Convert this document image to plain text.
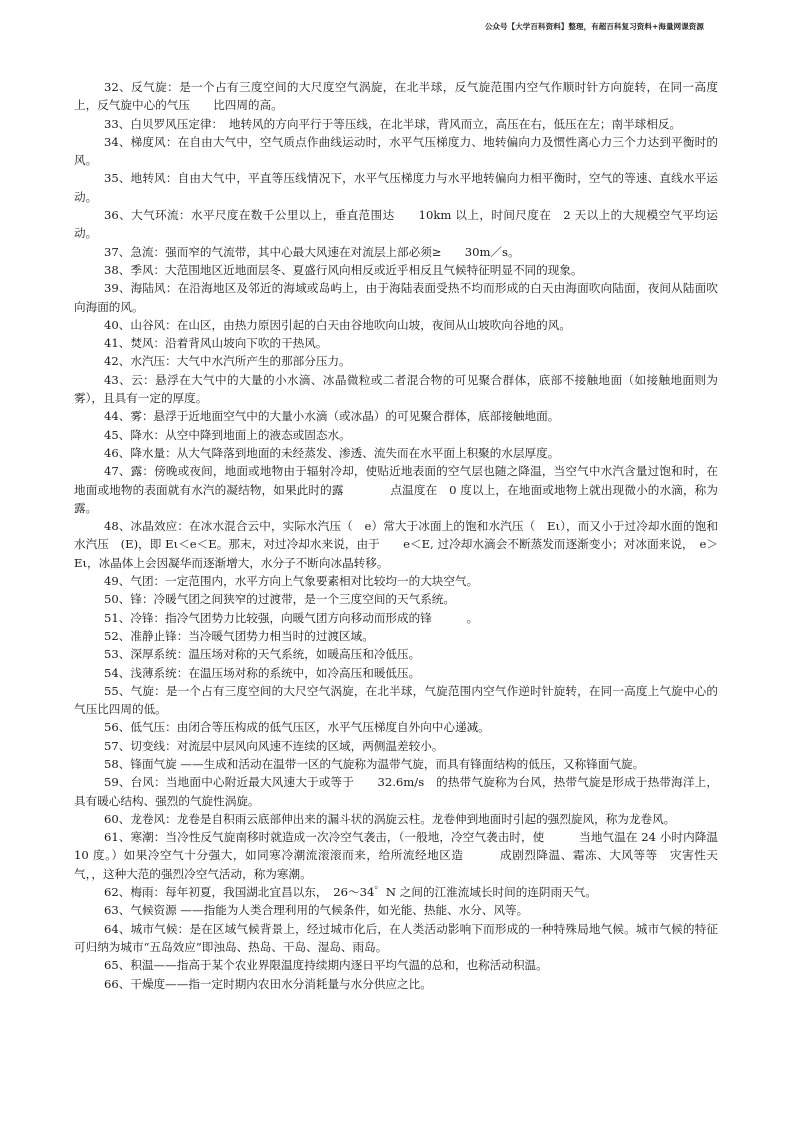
公众号【大学百科资料】整理，有超百科复习资料+海量网课资源

32、反气旋：是一个占有三度空间的大尺度空气涡旋，在北半球，反气旋范围内空气作顺时针方向旋转，在同一高度上，反气旋中心的气压　　比四周的高。

33、白贝罗风压定律：　地转风的方向平行于等压线，在北半球，背风而立，高压在右，低压在左；南半球相反。

34、梯度风：在自由大气中，空气质点作曲线运动时，水平气压梯度力、地转偏向力及惯性离心力三个力达到平衡时的风。

35、地转风：自由大气中，平直等压线情况下，水平气压梯度力与水平地转偏向力相平衡时，空气的等速、直线水平运动。

36、大气环流：水平尺度在数千公里以上，垂直范围达　　10km 以上，时间尺度在　2 天以上的大规模空气平均运动。

37、急流：强而窄的气流带，其中心最大风速在对流层上部必须≥　　30m／s。

38、季风：大范围地区近地面层冬、夏盛行风向相反或近乎相反且气候特征明显不同的现象。

39、海陆风：在沿海地区及邻近的海域或岛屿上，由于海陆表面受热不均而形成的白天由海面吹向陆面，夜间从陆面吹向海面的风。

40、山谷风：在山区，由热力原因引起的白天由谷地吹向山坡，夜间从山坡吹向谷地的风。

41、焚风：沿着背风山坡向下吹的干热风。

42、水汽压：大气中水汽所产生的那部分压力。

43、云：悬浮在大气中的大量的小水滴、冰晶微粒或二者混合物的可见聚合群体，底部不接触地面（如接触地面则为雾），且具有一定的厚度。

44、雾：悬浮于近地面空气中的大量小水滴（或冰晶）的可见聚合群体，底部接触地面。

45、降水：从空中降到地面上的液态或固态水。

46、降水量：从大气降落到地面的未经蒸发、渗透、流失而在水平面上积聚的水层厚度。

47、露：傍晚或夜间，地面或地物由于辐射冷却，使贴近地表面的空气层也随之降温，当空气中水汽含量过饱和时，在地面或地物的表面就有水汽的凝结物，如果此时的露　　　　点温度在　0 度以上，在地面或地物上就出现微小的水滴，称为露。

48、冰晶效应：在冰水混合云中，实际水汽压（　e）常大于冰面上的饱和水汽压（　Eι），而又小于过冷却水面的饱和水汽压　(E)，即 Eι＜e＜E。那末，对过冷却水来说，由于　　e＜E, 过冷却水滴会不断蒸发而逐渐变小；对冰面来说，　e＞Eι，冰晶体上会因凝华而逐渐增大，水分子不断向冰晶转移。

49、气团：一定范围内，水平方向上气象要素相对比较均一的大块空气。

50、锋：冷暖气团之间狭窄的过渡带，是一个三度空间的天气系统。

51、冷锋：指冷气团势力比较强，向暖气团方向移动而形成的锋　　　。

52、准静止锋：当冷暖气团势力相当时的过渡区域。

53、深厚系统：温压场对称的天气系统，如暖高压和冷低压。

54、浅薄系统：在温压场对称的系统中，如冷高压和暖低压。

55、气旋：是一个占有三度空间的大尺空气涡旋，在北半球，气旋范围内空气作逆时针旋转，在同一高度上气旋中心的气压比四周的低。

56、低气压：由闭合等压构成的低气压区，水平气压梯度自外向中心递减。

57、切变线：对流层中层风向风速不连续的区域，两侧温差较小。

58、锋面气旋 ——生成和活动在温带一区的气旋称为温带气旋，而具有锋面结构的低压，又称锋面气旋。

59、台风：当地面中心附近最大风速大于或等于　　32.6m/s　的热带气旋称为台风，热带气旋是形成于热带海洋上，具有暖心结构、强烈的气旋性涡旋。

60、龙卷风：龙卷是自积雨云底部伸出来的漏斗状的涡旋云柱。龙卷伸到地面时引起的强烈旋风，称为龙卷风。

61、寒潮：当冷性反气旋南移时就造成一次冷空气袭击，（一般地，冷空气袭击时，使　　　当地气温在 24 小时内降温　10 度。）如果冷空气十分强大，如同寒冷潮流滚滚而来，给所流经地区造　　　成剧烈降温、霜冻、大风等等　灾害性天气，，这种大范的强烈冷空气活动，称为寒潮。

62、梅雨：每年初夏，我国湖北宜昌以东，　26～34゜N 之间的江淮流域长时间的连阴雨天气。

63、气候资源 ——指能为人类合理利用的气候条件，如光能、热能、水分、风等。

64、城市气候：是在区域气候背景上，经过城市化后，在人类活动影响下而形成的一种特殊局地气候。城市气候的特征可归纳为城市“五岛效应”即浊岛、热岛、干岛、湿岛、雨岛。

65、积温——指高于某个农业界限温度持续期内逐日平均气温的总和，也称活动积温。

66、干燥度——指一定时期内农田水分消耗量与水分供应之比。
